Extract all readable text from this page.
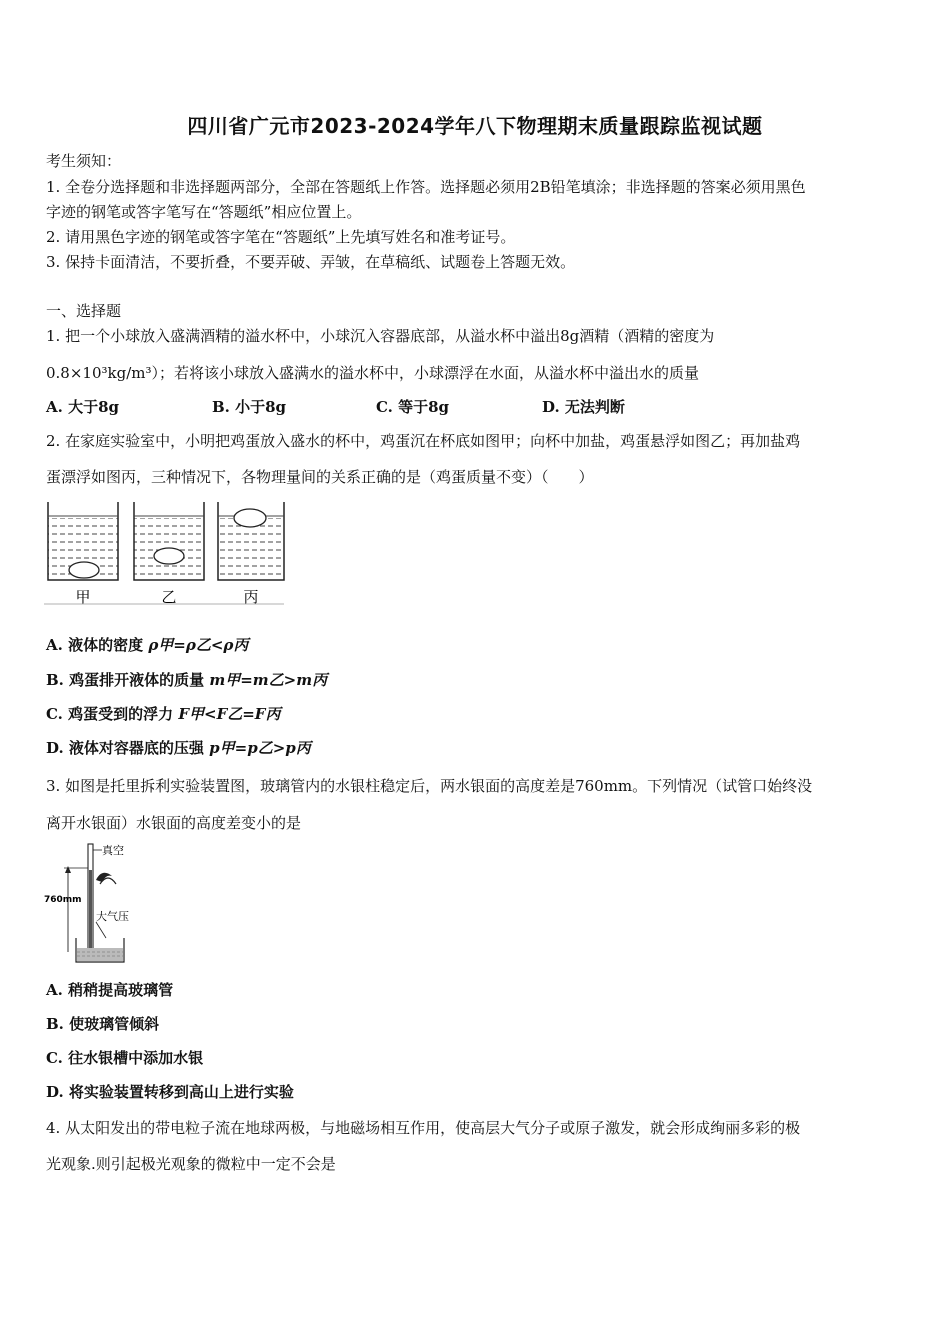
四川省广元市2023-2024学年八下物理期末质量跟踪监视试题
考生须知：
1. 全卷分选择题和非选择题两部分，全部在答题纸上作答。选择题必须用2B铅笔填涂；非选择题的答案必须用黑色
字迹的钢笔或答字笔写在“答题纸”相应位置上。
2. 请用黑色字迹的钢笔或答字笔在“答题纸”上先填写姓名和准考证号。
3. 保持卡面清洁，不要折叠，不要弄破、弄皱，在草稿纸、试题卷上答题无效。
一、选择题
1. 把一个小球放入盛满酒精的溢水杯中，小球沉入容器底部，从溢水杯中溢出8g酒精（酒精的密度为
0.8×10³kg/m³）；若将该小球放入盛满水的溢水杯中，小球漂浮在水面，从溢水杯中溢出水的质量
A. 大于8g	B. 小于8g	C. 等于8g	D. 无法判断
2. 在家庭实验室中，小明把鸡蛋放入盛水的杯中，鸡蛋沉在杯底如图甲；向杯中加盐，鸡蛋悬浮如图乙；再加盐鸡
蛋漂浮如图丙，三种情况下，各物理量间的关系正确的是（鸡蛋质量不变）（　　）
甲	乙	丙
A. 液体的密度 ρ甲=ρ乙<ρ丙
B. 鸡蛋排开液体的质量 m甲=m乙>m丙
C. 鸡蛋受到的浮力 F甲<F乙=F丙
D. 液体对容器底的压强 p甲=p乙>p丙
3. 如图是托里拆利实验装置图，玻璃管内的水银柱稳定后，两水银面的高度差是760mm。下列情况（试管口始终没
离开水银面）水银面的高度差变小的是
真空
760mm
大气压
A. 稍稍提高玻璃管
B. 使玻璃管倾斜
C. 往水银槽中添加水银
D. 将实验装置转移到高山上进行实验
4. 从太阳发出的带电粒子流在地球两极，与地磁场相互作用，使高层大气分子或原子激发，就会形成绚丽多彩的极
光观象.则引起极光观象的微粒中一定不会是
